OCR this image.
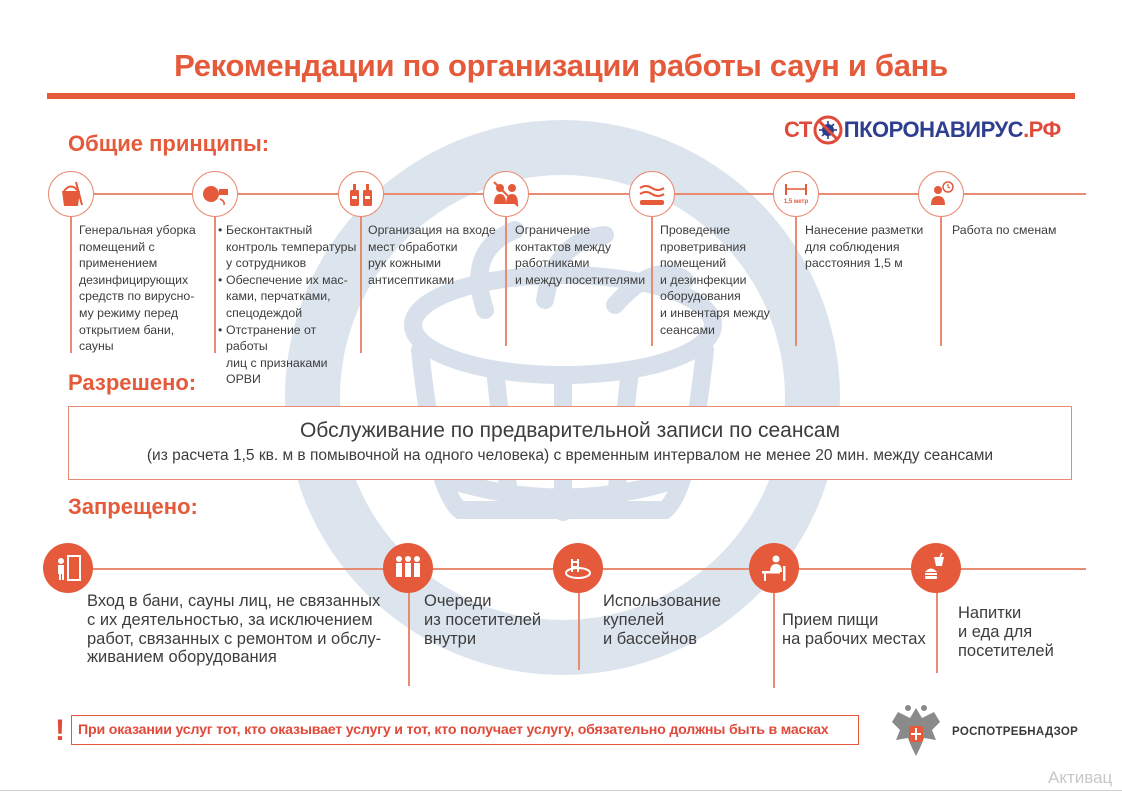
Рекомендации по организации работы саун и бань
Общие принципы:
СТ ПКОРОНАВИРУС .РФ
1,5 метр
Генеральная уборка
помещений с
применением
дезинфицирующих
средств по вирусно-
му режиму перед
открытием бани,
сауны
• Бесконтактный
контроль температуры
у сотрудников
• Обеспечение их мас-
ками, перчатками,
спецодеждой
• Отстранение от работы
лиц с признаками ОРВИ
Организация на входе
мест обработки
рук кожными
антисептиками
Ограничение
контактов между
работниками
и между посетителями
Проведение
проветривания
помещений
и дезинфекции
оборудования
и инвентаря между
сеансами
Нанесение разметки
для соблюдения
расстояния 1,5 м
Работа по сменам
Разрешено:
Обслуживание по предварительной записи по сеансам
(из расчета 1,5 кв. м в помывочной на одного человека) с временным интервалом не менее 20 мин. между сеансами
Запрещено:
Вход в бани, сауны лиц, не связанных
с их деятельностью, за исключением
работ, связанных с ремонтом и обслу-
живанием оборудования
Очереди
из посетителей
внутри
Использование
купелей
и бассейнов
Прием пищи
на рабочих местах
Напитки
и еда для
посетителей
! При оказании услуг тот, кто оказывает услугу и тот, кто получает услугу, обязательно должны быть в масках	РОСПОТРЕБНАДЗОР
Активац
